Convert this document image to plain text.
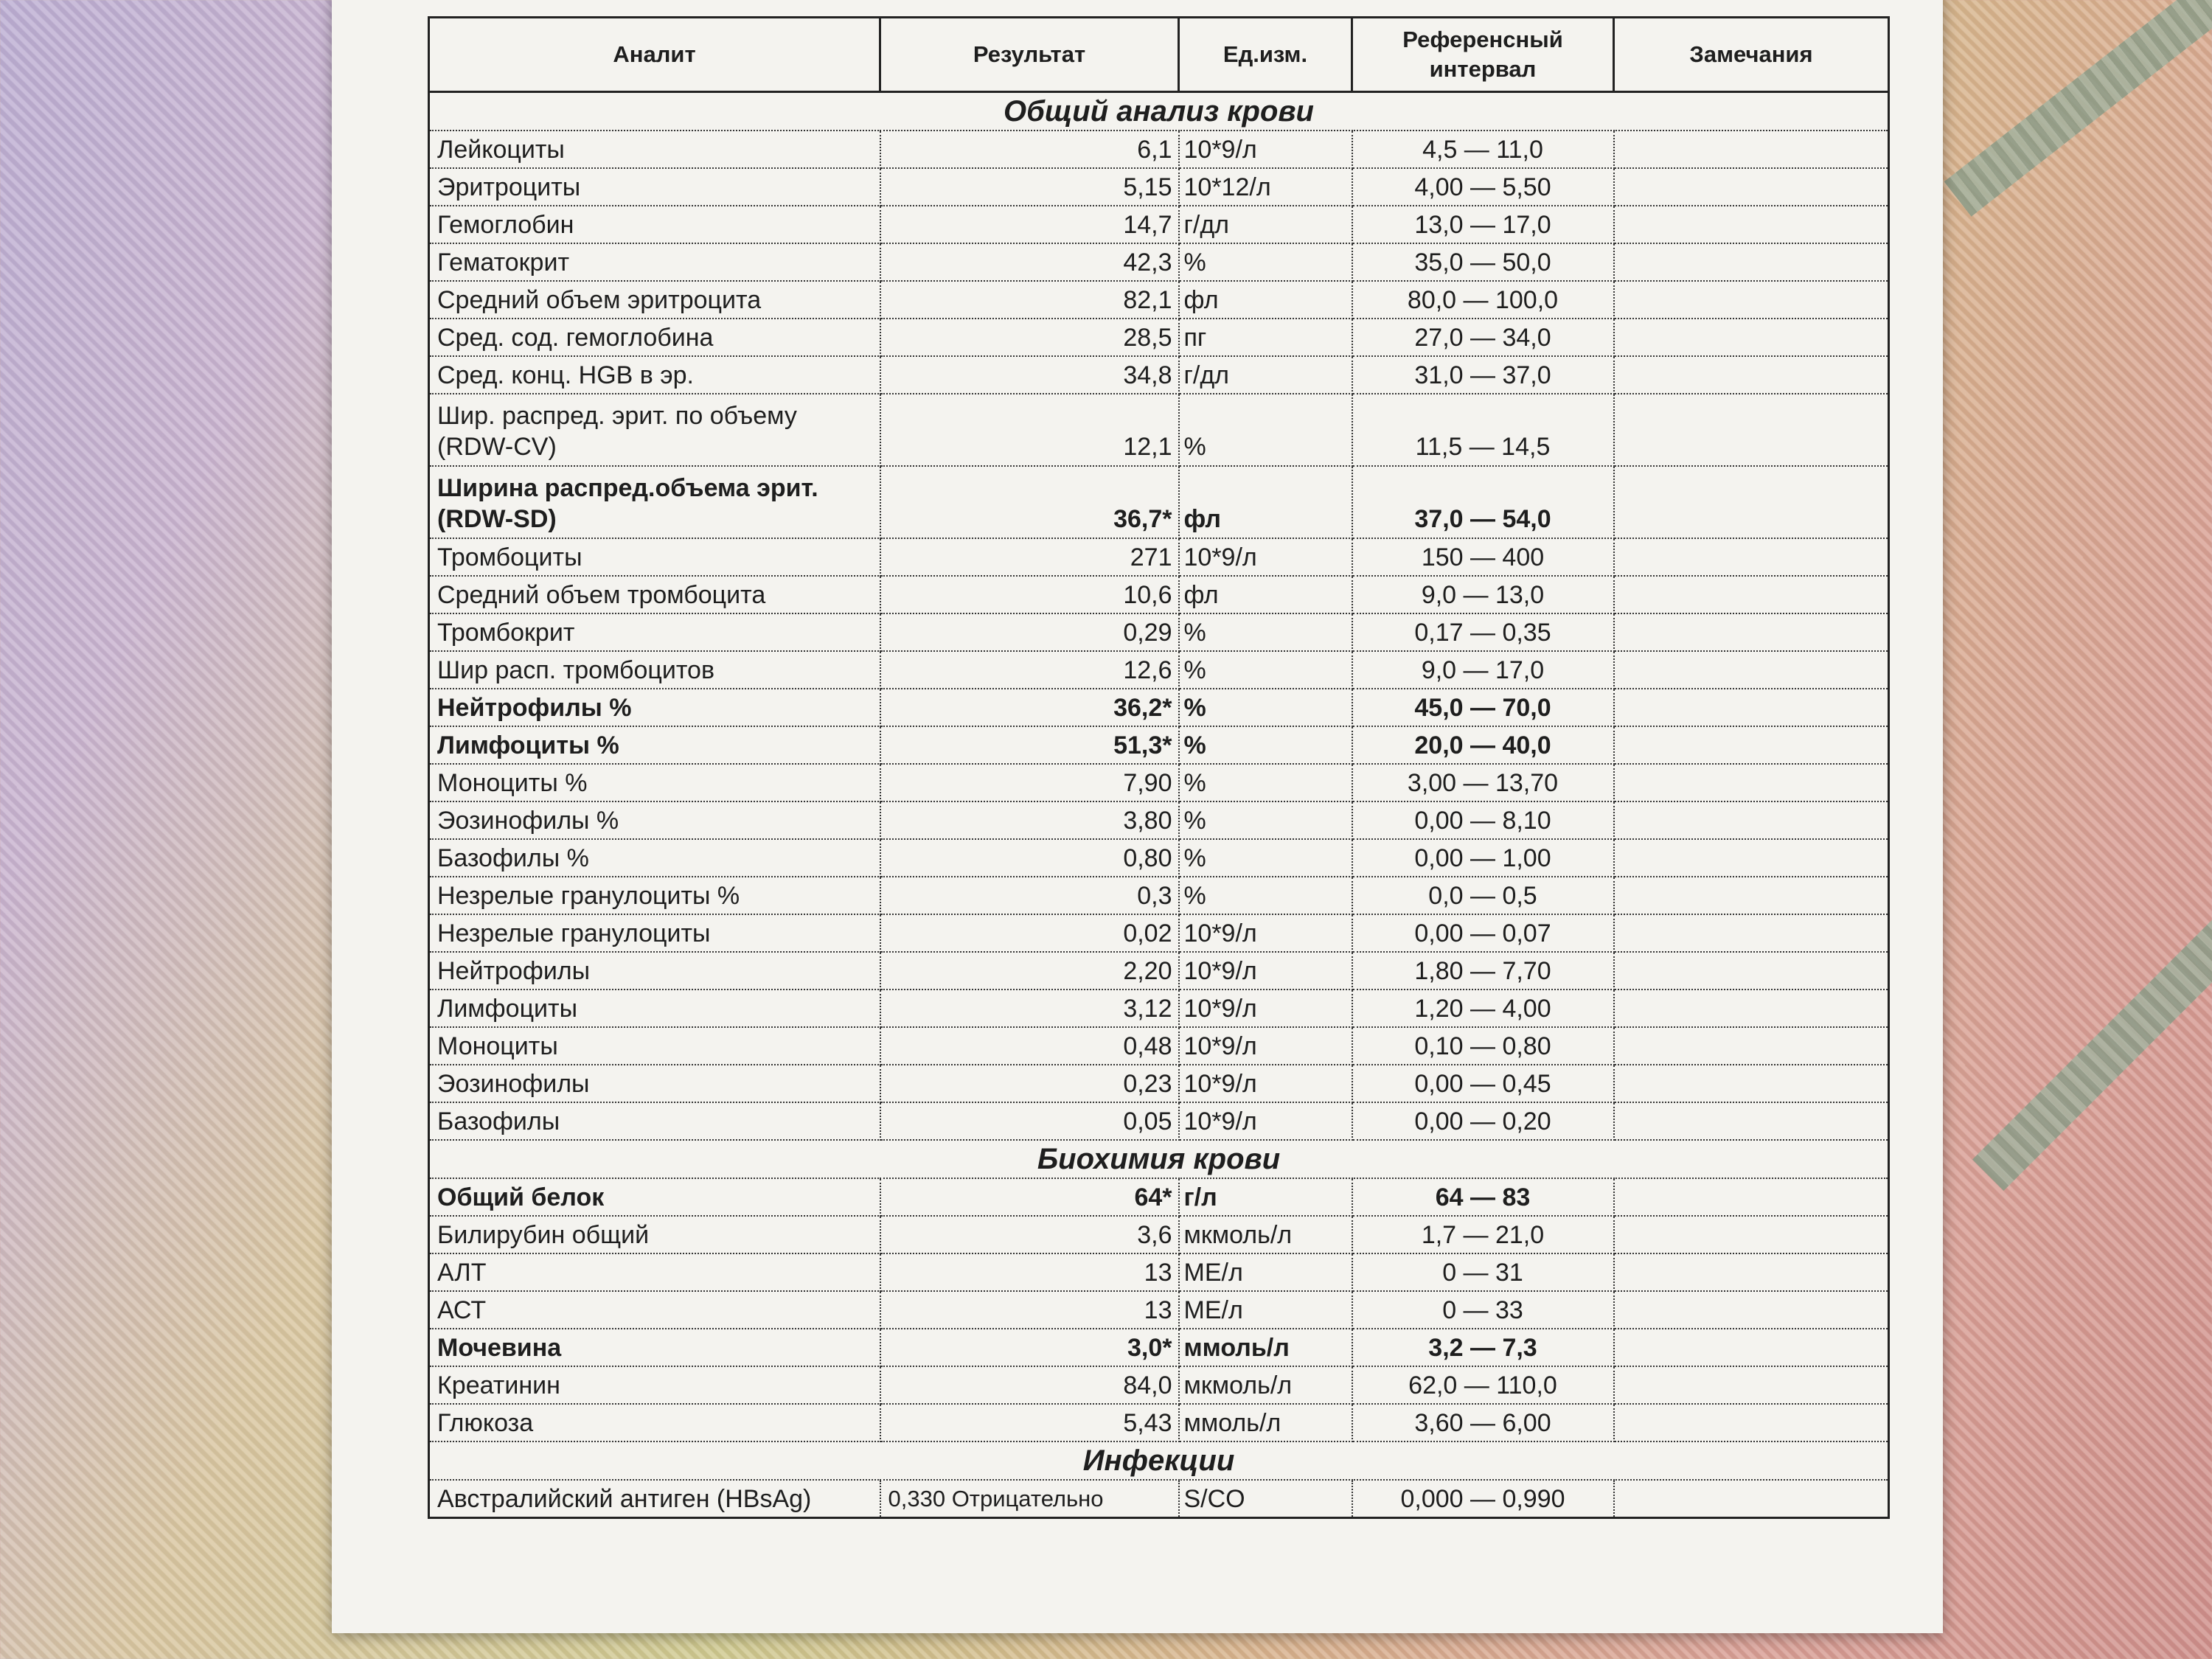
Аналит	Результат	Ед.изм.	Референсный интервал	Замечания
Общий анализ крови				
Лейкоциты	6,1	10*9/л	4,5 — 11,0	
Эритроциты	5,15	10*12/л	4,00 — 5,50	
Гемоглобин	14,7	г/дл	13,0 — 17,0	
Гематокрит	42,3	%	35,0 — 50,0	
Средний объем эритроцита	82,1	фл	80,0 — 100,0	
Сред. сод. гемоглобина	28,5	пг	27,0 — 34,0	
Сред. конц. HGB в эр.	34,8	г/дл	31,0 — 37,0	
Шир. распред. эрит. по объему (RDW-CV)	12,1	%	11,5 — 14,5	
Ширина распред.объема эрит. (RDW-SD)	36,7*	фл	37,0 — 54,0	
Тромбоциты	271	10*9/л	150 — 400	
Средний объем тромбоцита	10,6	фл	9,0 — 13,0	
Тромбокрит	0,29	%	0,17 — 0,35	
Шир расп. тромбоцитов	12,6	%	9,0 — 17,0	
Нейтрофилы %	36,2*	%	45,0 — 70,0	
Лимфоциты %	51,3*	%	20,0 — 40,0	
Моноциты %	7,90	%	3,00 — 13,70	
Эозинофилы %	3,80	%	0,00 — 8,10	
Базофилы %	0,80	%	0,00 — 1,00	
Незрелые гранулоциты %	0,3	%	0,0 — 0,5	
Незрелые гранулоциты	0,02	10*9/л	0,00 — 0,07	
Нейтрофилы	2,20	10*9/л	1,80 — 7,70	
Лимфоциты	3,12	10*9/л	1,20 — 4,00	
Моноциты	0,48	10*9/л	0,10 — 0,80	
Эозинофилы	0,23	10*9/л	0,00 — 0,45	
Базофилы	0,05	10*9/л	0,00 — 0,20	
Биохимия крови				
Общий белок	64*	г/л	64 — 83	
Билирубин общий	3,6	мкмоль/л	1,7 — 21,0	
АЛТ	13	МЕ/л	0 — 31	
АСТ	13	МЕ/л	0 — 33	
Мочевина	3,0*	ммоль/л	3,2 — 7,3	
Креатинин	84,0	мкмоль/л	62,0 — 110,0	
Глюкоза	5,43	ммоль/л	3,60 — 6,00	
Инфекции				
Австралийский антиген (HBsAg)	0,330 Отрицательно	S/CO	0,000 — 0,990	
